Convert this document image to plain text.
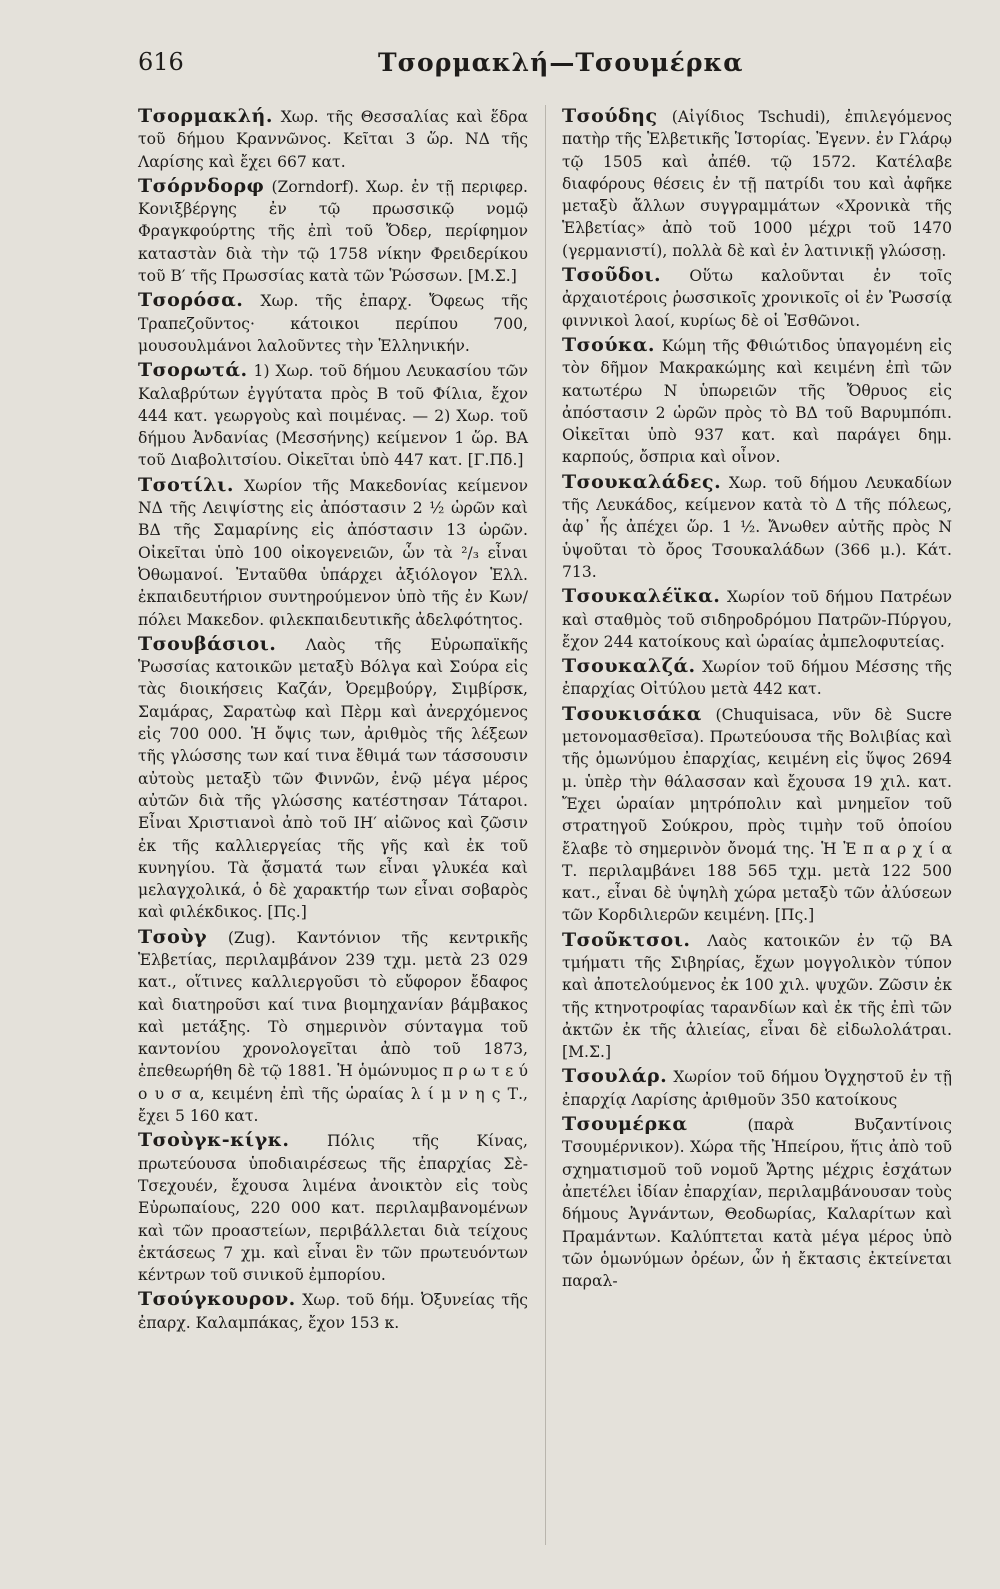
616	Τσορμακλή—Τσουμέρκα

Τσορμακλή. Χωρ. τῆς Θεσσαλίας καὶ ἕδρα τοῦ δήμου Κραννῶνος. Κεῖται 3 ὥρ. ΝΔ τῆς Λαρίσης καὶ ἔχει 667 κατ.

Τσόρνδορφ (Zorndorf). Χωρ. ἐν τῇ περιφερ. Κονιξβέργης ἐν τῷ πρωσσικῷ νομῷ Φραγκφούρτης τῆς ἐπὶ τοῦ Ὄδερ, περίφημον καταστὰν διὰ τὴν τῷ 1758 νίκην Φρειδερίκου τοῦ Β′ τῆς Πρωσσίας κατὰ τῶν Ῥώσσων. [Μ.Σ.]

Τσορόσα. Χωρ. τῆς ἐπαρχ. Ὄφεως τῆς Τραπεζοῦντος· κάτοικοι περίπου 700, μουσουλμάνοι λαλοῦντες τὴν Ἑλληνικήν.

Τσορωτά. 1) Χωρ. τοῦ δήμου Λευκασίου τῶν Καλαβρύτων ἐγγύτατα πρὸς Β τοῦ Φίλια, ἔχον 444 κατ. γεωργοὺς καὶ ποιμένας. — 2) Χωρ. τοῦ δήμου Ἀνδανίας (Μεσσήνης) κείμενον 1 ὥρ. ΒΑ τοῦ Διαβολιτσίου. Οἰκεῖται ὑπὸ 447 κατ. [Γ.Πδ.]

Τσοτίλι. Χωρίον τῆς Μακεδονίας κείμενον ΝΔ τῆς Λειψίστης εἰς ἀπόστασιν 2 ½ ὡρῶν καὶ ΒΔ τῆς Σαμαρίνης εἰς ἀπόστασιν 13 ὡρῶν. Οἰκεῖται ὑπὸ 100 οἰκογενειῶν, ὧν τὰ ²/₃ εἶναι Ὀθωμανοί. Ἐνταῦθα ὑπάρχει ἀξιόλογον Ἑλλ. ἐκπαιδευτήριον συντηρούμενον ὑπὸ τῆς ἐν Κων/πόλει Μακεδον. φιλεκπαιδευτικῆς ἀδελφότητος.

Τσουβάσιοι. Λαὸς τῆς Εὐρωπαϊκῆς Ῥωσσίας κατοικῶν μεταξὺ Βόλγα καὶ Σούρα εἰς τὰς διοικήσεις Καζάν, Ὀρεμβούργ, Σιμβίρσκ, Σαμάρας, Σαρατὼφ καὶ Πὲρμ καὶ ἀνερχόμενος εἰς 700 000. Ἡ ὄψις των, ἀριθμὸς τῆς λέξεων τῆς γλώσσης των καί τινα ἔθιμά των τάσσουσιν αὐτοὺς μεταξὺ τῶν Φιννῶν, ἐνῷ μέγα μέρος αὐτῶν διὰ τῆς γλώσσης κατέστησαν Τάταροι. Εἶναι Χριστιανοὶ ἀπὸ τοῦ ΙΗ′ αἰῶνος καὶ ζῶσιν ἐκ τῆς καλλιεργείας τῆς γῆς καὶ ἐκ τοῦ κυνηγίου. Τὰ ᾄσματά των εἶναι γλυκέα καὶ μελαγχολικά, ὁ δὲ χαρακτήρ των εἶναι σοβαρὸς καὶ φιλέκδικος. [Πς.]

Τσοὺγ (Zug). Καντόνιον τῆς κεντρικῆς Ἑλβετίας, περιλαμβάνον 239 τχμ. μετὰ 23 029 κατ., οἵτινες καλλιεργοῦσι τὸ εὔφορον ἔδαφος καὶ διατηροῦσι καί τινα βιομηχανίαν βάμβακος καὶ μετάξης. Τὸ σημερινὸν σύνταγμα τοῦ καντονίου χρονολογεῖται ἀπὸ τοῦ 1873, ἐπεθεωρήθη δὲ τῷ 1881. Ἡ ὁμώνυμος π ρ ω τ ε ύ ο υ σ α, κειμένη ἐπὶ τῆς ὡραίας λ ί μ ν η ς Τ., ἔχει 5 160 κατ.

Τσοὺγκ-κίγκ. Πόλις τῆς Κίνας, πρωτεύουσα ὑποδιαιρέσεως τῆς ἐπαρχίας Σὲ-Τσεχουέν, ἔχουσα λιμένα ἀνοικτὸν εἰς τοὺς Εὐρωπαίους, 220 000 κατ. περιλαμβανομένων καὶ τῶν προαστείων, περιβάλλεται διὰ τείχους ἐκτάσεως 7 χμ. καὶ εἶναι ἓν τῶν πρωτευόντων κέντρων τοῦ σινικοῦ ἐμπορίου.

Τσούγκουρον. Χωρ. τοῦ δήμ. Ὀξυνείας τῆς ἐπαρχ. Καλαμπάκας, ἔχον 153 κ.

Τσούδης (Αἰγίδιος Tschudi), ἐπιλεγόμενος πατὴρ τῆς Ἑλβετικῆς Ἱστορίας. Ἐγενν. ἐν Γλάρῳ τῷ 1505 καὶ ἀπέθ. τῷ 1572. Κατέλαβε διαφόρους θέσεις ἐν τῇ πατρίδι του καὶ ἀφῆκε μεταξὺ ἄλλων συγγραμμάτων «Χρονικὰ τῆς Ἑλβετίας» ἀπὸ τοῦ 1000 μέχρι τοῦ 1470 (γερμανιστί), πολλὰ δὲ καὶ ἐν λατινικῇ γλώσσῃ.

Τσοῦδοι. Οὕτω καλοῦνται ἐν τοῖς ἀρχαιοτέροις ῥωσσικοῖς χρονικοῖς οἱ ἐν Ῥωσσίᾳ φιννικοὶ λαοί, κυρίως δὲ οἱ Ἐσθῶνοι.

Τσούκα. Κώμη τῆς Φθιώτιδος ὑπαγομένη εἰς τὸν δῆμον Μακρακώμης καὶ κειμένη ἐπὶ τῶν κατωτέρω Ν ὑπωρειῶν τῆς Ὄθρυος εἰς ἀπόστασιν 2 ὡρῶν πρὸς τὸ ΒΔ τοῦ Βαρυμπόπι. Οἰκεῖται ὑπὸ 937 κατ. καὶ παράγει δημ. καρπούς, ὄσπρια καὶ οἶνον.

Τσουκαλάδες. Χωρ. τοῦ δήμου Λευκαδίων τῆς Λευκάδος, κείμενον κατὰ τὸ Δ τῆς πόλεως, ἀφ᾽ ἧς ἀπέχει ὥρ. 1 ½. Ἄνωθεν αὐτῆς πρὸς Ν ὑψοῦται τὸ ὄρος Τσουκαλάδων (366 μ.). Κάτ. 713.

Τσουκαλέϊκα. Χωρίον τοῦ δήμου Πατρέων καὶ σταθμὸς τοῦ σιδηροδρόμου Πατρῶν-Πύργου, ἔχον 244 κατοίκους καὶ ὡραίας ἀμπελοφυτείας.

Τσουκαλζά. Χωρίον τοῦ δήμου Μέσσης τῆς ἐπαρχίας Οἰτύλου μετὰ 442 κατ.

Τσουκισάκα (Chuquisaca, νῦν δὲ Sucre μετονομασθεῖσα). Πρωτεύουσα τῆς Βολιβίας καὶ τῆς ὁμωνύμου ἐπαρχίας, κειμένη εἰς ὕψος 2694 μ. ὑπὲρ τὴν θάλασσαν καὶ ἔχουσα 19 χιλ. κατ. Ἔχει ὡραίαν μητρόπολιν καὶ μνημεῖον τοῦ στρατηγοῦ Σούκρου, πρὸς τιμὴν τοῦ ὁποίου ἔλαβε τὸ σημερινὸν ὄνομά της. Ἡ Ἐ π α ρ χ ί α Τ. περιλαμβάνει 188 565 τχμ. μετὰ 122 500 κατ., εἶναι δὲ ὑψηλὴ χώρα μεταξὺ τῶν ἀλύσεων τῶν Κορδιλιερῶν κειμένη. [Πς.]

Τσοῦκτσοι. Λαὸς κατοικῶν ἐν τῷ ΒΑ τμήματι τῆς Σιβηρίας, ἔχων μογγολικὸν τύπον καὶ ἀποτελούμενος ἐκ 100 χιλ. ψυχῶν. Ζῶσιν ἐκ τῆς κτηνοτροφίας ταρανδίων καὶ ἐκ τῆς ἐπὶ τῶν ἀκτῶν ἐκ τῆς ἁλιείας, εἶναι δὲ εἰδωλολάτραι. [Μ.Σ.]

Τσουλάρ. Χωρίον τοῦ δήμου Ὀγχηστοῦ ἐν τῇ ἐπαρχίᾳ Λαρίσης ἀριθμοῦν 350 κατοίκους

Τσουμέρκα (παρὰ Βυζαντίνοις Τσουμέρνικον). Χώρα τῆς Ἠπείρου, ἥτις ἀπὸ τοῦ σχηματισμοῦ τοῦ νομοῦ Ἄρτης μέχρις ἐσχάτων ἀπετέλει ἰδίαν ἐπαρχίαν, περιλαμβάνουσαν τοὺς δήμους Ἀγνάντων, Θεοδωρίας, Καλαρίτων καὶ Πραμάντων. Καλύπτεται κατὰ μέγα μέρος ὑπὸ τῶν ὁμωνύμων ὀρέων, ὧν ἡ ἔκτασις ἐκτείνεται παραλ-
